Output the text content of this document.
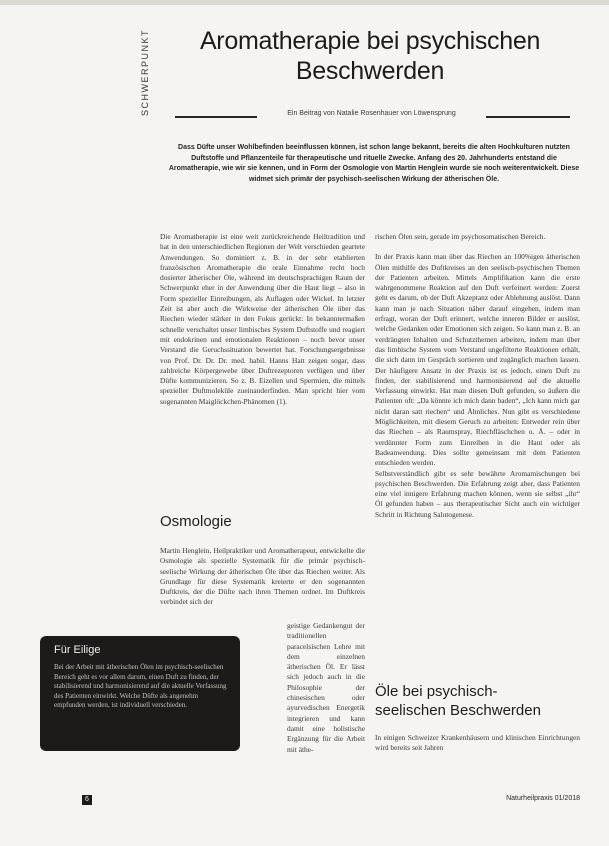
SCHWERPUNKT	Aromatherapie bei psychischen
Beschwerden
Ein Beitrag von Natalie Rosenhauer von Löwensprung
Dass Düfte unser Wohlbefinden beeinflussen können, ist schon lange bekannt, bereits die alten Hochkulturen nutzten Duftstoffe und Pflanzenteile für therapeutische und rituelle Zwecke. Anfang des 20. Jahrhunderts entstand die Aromatherapie, wie wir sie kennen, und in Form der Osmologie von Martin Henglein wurde sie noch weiterentwickelt. Diese widmet sich primär der psychisch-seelischen Wirkung der ätherischen Öle.

Die Aromatherapie ist eine weit zurückreichende Heiltradition und hat in den unterschiedlichen Regionen der Welt verschieden geartete Anwendungen. So dominiert z. B. in der sehr etablierten französischen Aromatherapie die orale Einnahme recht hoch dosierter ätherischer Öle, während im deutschsprachigen Raum der Schwerpunkt eher in der Anwendung über die Haut liegt – also in Form spezieller Einreibungen, als Auflagen oder Wickel. In letzter Zeit ist aber auch die Wirkweise der ätherischen Öle über das Riechen wieder stärker in den Fokus gerückt: In bekanntermaßen schnelle verschaltet unser limbisches System Duftstoffe und reagiert mit endokrinen und emotionalen Reaktionen – noch bevor unser Verstand die Geruchssituation bewertet hat. Forschungsergebnisse von Prof. Dr. Dr. Dr. med. habil. Hanns Hatt zeigen sogar, dass zahlreiche Körpergewebe über Duftrezeptoren verfügen und über Düfte kommunizieren. So z. B. Eizellen und Spermien, die mittels spezieller Duftmoleküle zueinanderfinden. Man spricht hier vom sogenannten Maiglöckchen-Phänomen (1).

Osmologie

Martin Henglein, Heilpraktiker und Aromatherapeut, entwickelte die Osmologie als spezielle Systematik für die primär psychisch-seelische Wirkung der ätherischen Öle über das Riechen weiter. Als Grundlage für diese Systematik kreierte er den sogenannten Duftkreis, der die Düfte nach ihren Themen ordnet. Im Duftkreis verbindet sich der

geistige Gedankengut der traditionellen paracelsischen Lehre mit dem einzelnen ätherischen Öl. Er lässt sich jedoch auch in die Philosophie der chinesischen oder ayurvedischen Energetik integrieren und kann damit eine holistische Ergänzung für die Arbeit mit äthe-

rischen Ölen sein, gerade im psychosomatischen Bereich.

In der Praxis kann man über das Riechen an 100%igen ätherischen Ölen mithilfe des Duftkreises an den seelisch-psychischen Themen der Patienten arbeiten. Mittels Amplifikation kann die erste wahrgenommene Reaktion auf den Duft verfeinert werden: Zuerst geht es darum, ob der Duft Akzeptanz oder Ablehnung auslöst. Dann kann man je nach Situation näher darauf eingehen, indem man erfragt, woran der Duft erinnert, welche inneren Bilder er auslöst, welche Gedanken oder Emotionen sich zeigen. So kann man z. B. an verdrängten Inhalten und Schutzthemen arbeiten, indem man über das limbische System vom Verstand ungefilterte Reaktionen erhält, die sich dann im Gespräch sortieren und zugänglich machen lassen. Der häufigere Ansatz in der Praxis ist es jedoch, einen Duft zu finden, der stabilisierend und harmonisierend auf die aktuelle Verfassung einwirkt. Hat man diesen Duft gefunden, so äußern die Patienten oft: „Da könnte ich mich dann baden“, „Ich kann mich gar nicht daran satt riechen“ und Ähnliches. Nun gibt es verschiedene Möglichkeiten, mit diesem Geruch zu arbeiten: Entweder rein über das Riechen – als Raumspray, Riechfläschchen o. Ä. – oder in verdünnter Form zum Einreiben in die Haut oder als Badeanwendung. Dies sollte gemeinsam mit dem Patienten entschieden werden.

Selbstverständlich gibt es sehr bewährte Aromamischungen bei psychischen Beschwerden. Die Erfahrung zeigt aber, dass Patienten eine viel innigere Erfahrung machen können, wenn sie selbst „ihr“ Öl gefunden haben – aus therapeutischer Sicht auch ein wichtiger Schritt in Richtung Salutogenese.

Öle bei psychisch-
seelischen Beschwerden

In einigen Schweizer Krankenhäusern und klinischen Einrichtungen wird bereits seit Jahren

Für Eilige
Bei der Arbeit mit ätherischen Ölen im psychisch-seelischen Bereich geht es vor allem darum, einen Duft zu finden, der stabilisierend und harmonisierend auf die aktuelle Verfassung des Patienten einwirkt. Welche Düfte als angenehm empfunden werden, ist individuell verschieden.
6	Naturheilpraxis 01/2018
